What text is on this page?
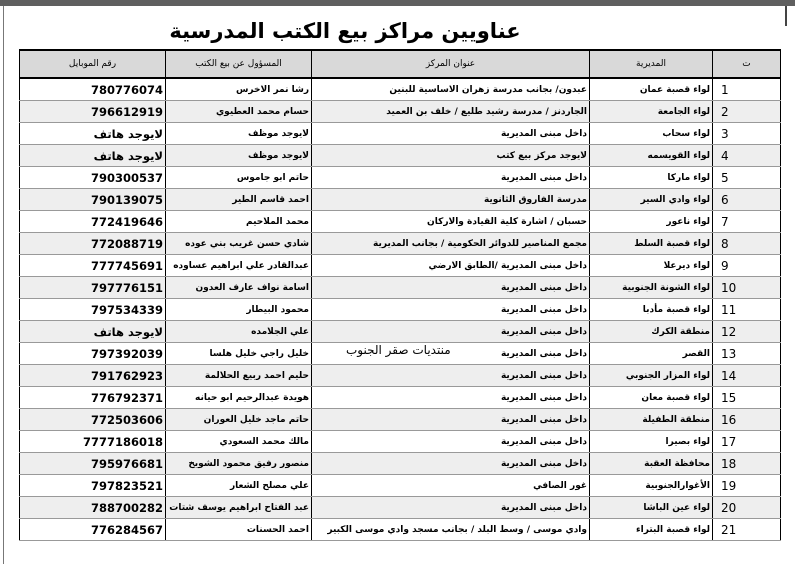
عناويين مراكز بيع الكتب المدرسية
ت	المديرية	عنوان المركز	المسؤول عن بيع الكتب	رقم الموبايل
1	لواء قصبة عمان	عبدون/ بجانب مدرسة زهران الاساسية للبنين	رشا نمر الاخرس	780776074
2	لواء الجامعة	الجاردنز / مدرسة رشيد طليع / خلف بن العميد	حسام محمد العطيوي	796612919
3	لواء سحاب	داخل مبنى المديرية	لايوجد موظف	لايوجد هاتف
4	لواء القويسمه	لايوجد مركز بيع كتب	لايوجد موظف	لايوجد هاتف
5	لواء ماركا	داخل مبنى المديرية	حاتم ابو جاموس	790300537
6	لواء وادي السير	مدرسة الفاروق الثانوية	احمد قاسم الطير	790139075
7	لواء ناعور	حسبان / اشارة كلية القيادة والاركان	محمد الملاحيم	772419646
8	لواء قصبة السلط	مجمع المناصير للدوائر الحكومية / بجانب المديرية	شادي حسن غريب بني عوده	772088719
9	لواء ديرعلا	داخل مبنى المديرية /الطابق الارضي	عبدالقادر علي ابراهيم عساوده	777745691
10	لواء الشونة الجنوبية	داخل مبنى المديرية	اسامة نواف عارف العدون	797776151
11	لواء قصبة مأدبا	داخل مبنى المديرية	محمود البيطار	797534339
12	منطقة الكرك	داخل مبنى المديرية	علي الجلامده	لايوجد هاتف
13	القصر	داخل مبنى المديرية	خليل راجي خليل هلسا	797392039
14	لواء المزار الجنوبي	داخل مبنى المديرية	حليم احمد ربيع الحلالمة	791762923
15	لواء قصبة معان	داخل مبنى المديرية	هويدة عبدالرحيم ابو حيانه	776792371
16	منطقة الطفيلة	داخل مبنى المديرية	حاتم ماجد خليل العوران	772503606
17	لواء بصيرا	داخل مبنى المديرية	مالك محمد السعودي	7777186018
18	محافظة العقبة	داخل مبنى المديرية	منصور رفيق محمود الشويخ	795976681
19	الأغوارالجنوبية	غور الصافي	علي مصلح الشعار	797823521
20	لواء عين الباشا	داخل مبنى المديرية	عبد الفتاح ابراهيم يوسف شتات	788700282
21	لواء قصبة البتراء	وادي موسى / وسط البلد / بجانب مسجد وادي موسى الكبير	احمد الحسنات	776284567
منتديات صقر الجنوب
